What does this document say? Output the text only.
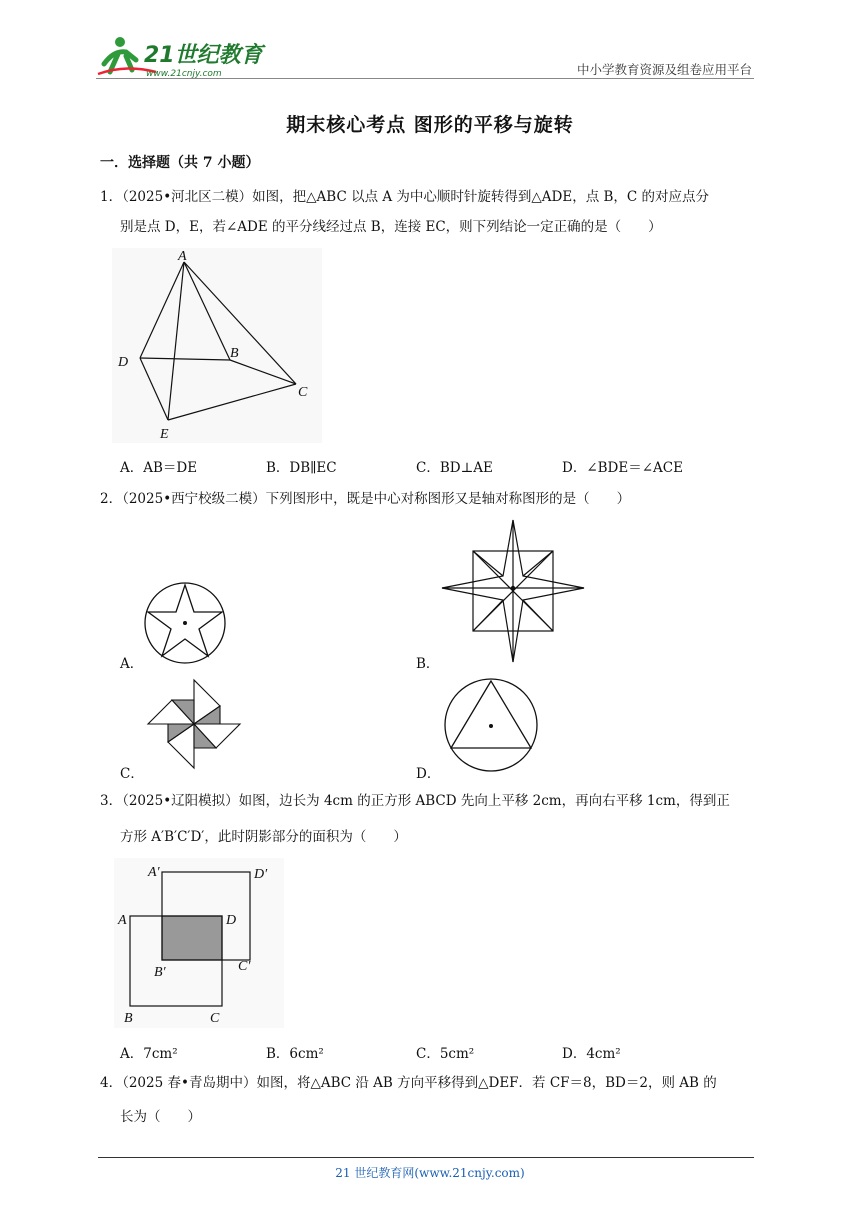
21世纪教育
www.21cnjy.com	中小学教育资源及组卷应用平台
期末核心考点 图形的平移与旋转
一．选择题（共 7 小题）
1．（2025•河北区二模）如图，把△ABC 以点 A 为中心顺时针旋转得到△ADE，点 B，C 的对应点分
别是点 D，E，若∠ADE 的平分线经过点 B，连接 EC，则下列结论一定正确的是（　　）
A
B
C
D
E
A．AB＝DE	B．DB∥EC	C．BD⊥AE	D．∠BDE＝∠ACE
2．（2025•西宁校级二模）下列图形中，既是中心对称图形又是轴对称图形的是（　　）
A．	B．
C．	D．
3．（2025•辽阳模拟）如图，边长为 4cm 的正方形 ABCD 先向上平移 2cm，再向右平移 1cm，得到正
方形 A′B′C′D′，此时阴影部分的面积为（　　）
A′	D′
A	D
B′	C′
B	C
A．7cm²	B．6cm²	C．5cm²	D．4cm²
4．（2025 春•青岛期中）如图，将△ABC 沿 AB 方向平移得到△DEF．若 CF＝8，BD＝2，则 AB 的
长为（　　）
21 世纪教育网(www.21cnjy.com)
